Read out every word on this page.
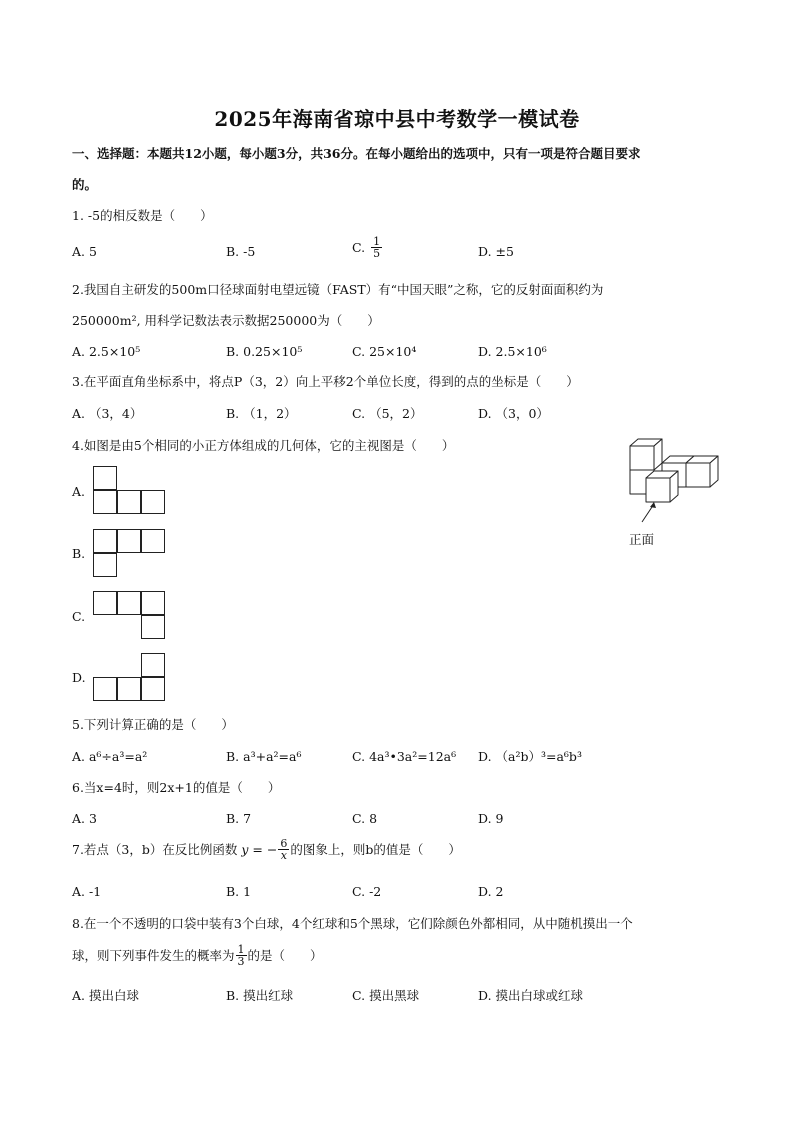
2025年海南省琼中县中考数学一模试卷
一、选择题：本题共12小题，每小题3分，共36分。在每小题给出的选项中，只有一项是符合题目要求
的。
1. -5的相反数是（　　）
A. 5	B. -5	C. $\frac{1}{5}$	D. ±5
2.我国自主研发的500m口径球面射电望远镜（FAST）有“中国天眼”之称，它的反射面面积约为
250000m², 用科学记数法表示数据250000为（　　）
A. 2.5×10⁵	B. 0.25×10⁵	C. 25×10⁴	D. 2.5×10⁶
3.在平面直角坐标系中，将点P（3，2）向上平移2个单位长度，得到的点的坐标是（　　）
A. （3，4）	B. （1，2）	C. （5，2）	D. （3，0）
4.如图是由5个相同的小正方体组成的几何体，它的主视图是（　　）
A.
B.
C.
D.
正面
5.下列计算正确的是（　　）
A. a⁶÷a³=a²	B. a³+a²=a⁶	C. 4a³•3a²=12a⁶ D. （a²b）³=a⁶b³
6.当x=4时，则2x+1的值是（　　）
A. 3	B. 7	C. 8	D. 9
7.若点（3，b）在反比例函数 y = − $\frac{6}{x}$ 的图象上，则b的值是（　　）
A. -1	B. 1	C. -2	D. 2
8.在一个不透明的口袋中装有3个白球，4个红球和5个黑球，它们除颜色外都相同，从中随机摸出一个
球，则下列事件发生的概率为 $\frac{1}{3}$ 的是（　　）
A. 摸出白球	B. 摸出红球	C. 摸出黑球	D. 摸出白球或红球
